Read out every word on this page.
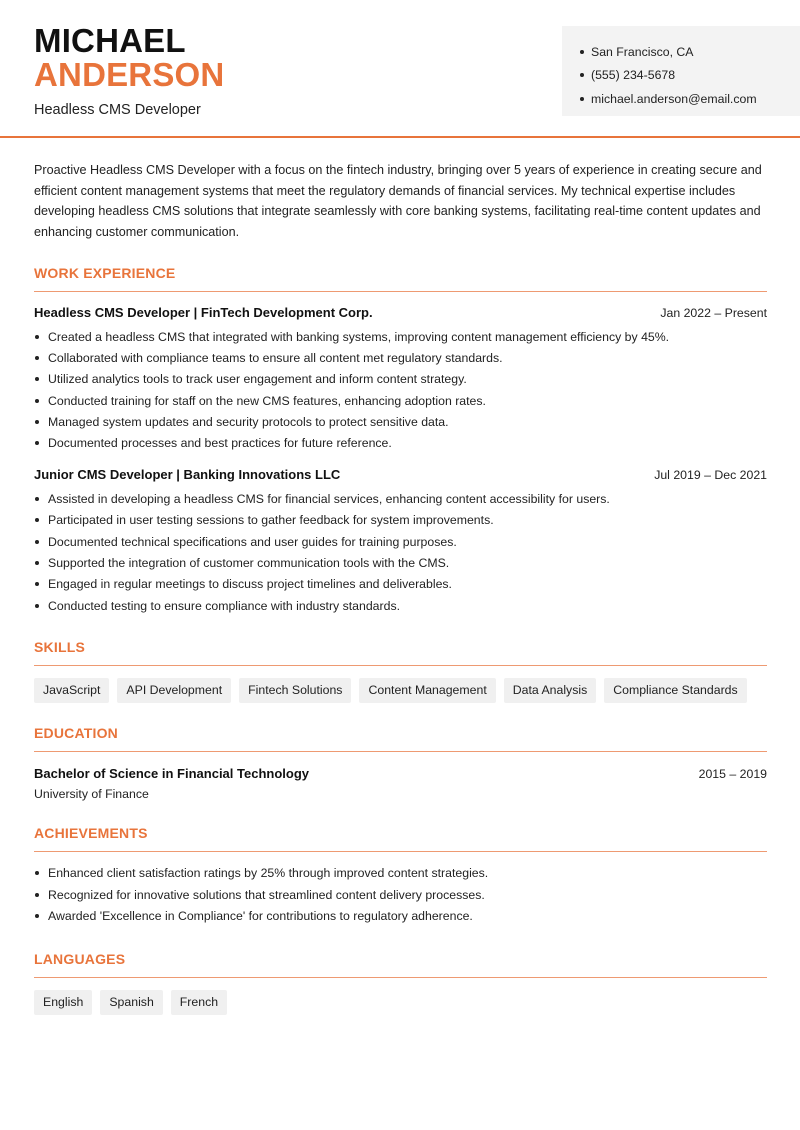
MICHAEL
ANDERSON
Headless CMS Developer
San Francisco, CA
(555) 234-5678
michael.anderson@email.com

Proactive Headless CMS Developer with a focus on the fintech industry, bringing over 5 years of experience in creating secure and efficient content management systems that meet the regulatory demands of financial services. My technical expertise includes developing headless CMS solutions that integrate seamlessly with core banking systems, facilitating real-time content updates and enhancing customer communication.

WORK EXPERIENCE
Headless CMS Developer | FinTech Development Corp.	Jan 2022 – Present
Created a headless CMS that integrated with banking systems, improving content management efficiency by 45%.
Collaborated with compliance teams to ensure all content met regulatory standards.
Utilized analytics tools to track user engagement and inform content strategy.
Conducted training for staff on the new CMS features, enhancing adoption rates.
Managed system updates and security protocols to protect sensitive data.
Documented processes and best practices for future reference.
Junior CMS Developer | Banking Innovations LLC	Jul 2019 – Dec 2021
Assisted in developing a headless CMS for financial services, enhancing content accessibility for users.
Participated in user testing sessions to gather feedback for system improvements.
Documented technical specifications and user guides for training purposes.
Supported the integration of customer communication tools with the CMS.
Engaged in regular meetings to discuss project timelines and deliverables.
Conducted testing to ensure compliance with industry standards.
SKILLS
JavaScript	API Development	Fintech Solutions	Content Management	Data Analysis	Compliance Standards
EDUCATION
Bachelor of Science in Financial Technology	2015 – 2019
University of Finance
ACHIEVEMENTS
Enhanced client satisfaction ratings by 25% through improved content strategies.
Recognized for innovative solutions that streamlined content delivery processes.
Awarded 'Excellence in Compliance' for contributions to regulatory adherence.
LANGUAGES
English	Spanish	French
